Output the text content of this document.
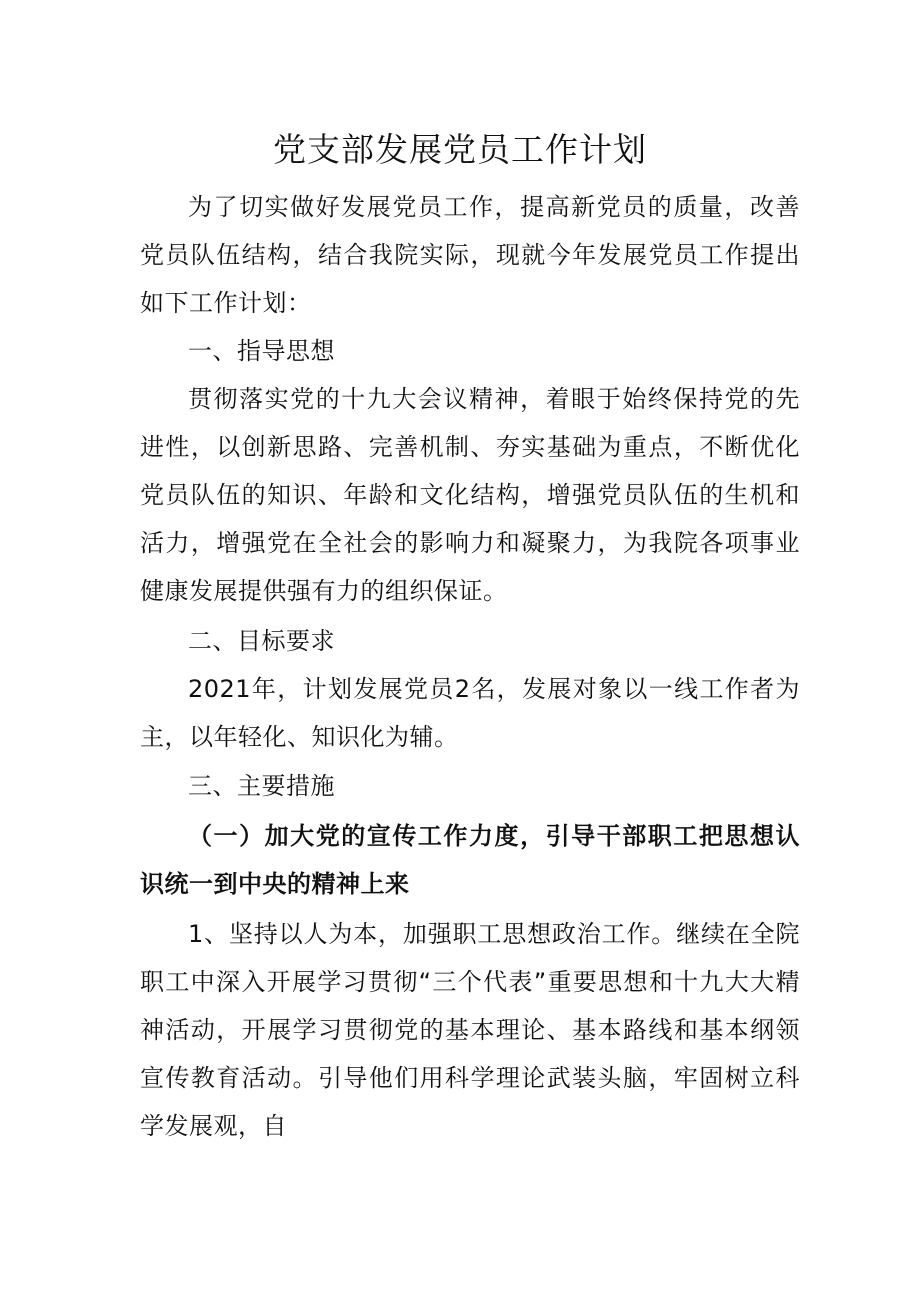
党支部发展党员工作计划

为了切实做好发展党员工作，提高新党员的质量，改善党员队伍结构，结合我院实际，现就今年发展党员工作提出如下工作计划：

一、指导思想

贯彻落实党的十九大会议精神，着眼于始终保持党的先进性，以创新思路、完善机制、夯实基础为重点，不断优化党员队伍的知识、年龄和文化结构，增强党员队伍的生机和活力，增强党在全社会的影响力和凝聚力，为我院各项事业健康发展提供强有力的组织保证。

二、目标要求

2021年，计划发展党员2名，发展对象以一线工作者为主，以年轻化、知识化为辅。

三、主要措施

（一）加大党的宣传工作力度，引导干部职工把思想认识统一到中央的精神上来

1、坚持以人为本，加强职工思想政治工作。继续在全院职工中深入开展学习贯彻“三个代表”重要思想和十九大大精神活动，开展学习贯彻党的基本理论、基本路线和基本纲领宣传教育活动。引导他们用科学理论武装头脑，牢固树立科学发展观，自
